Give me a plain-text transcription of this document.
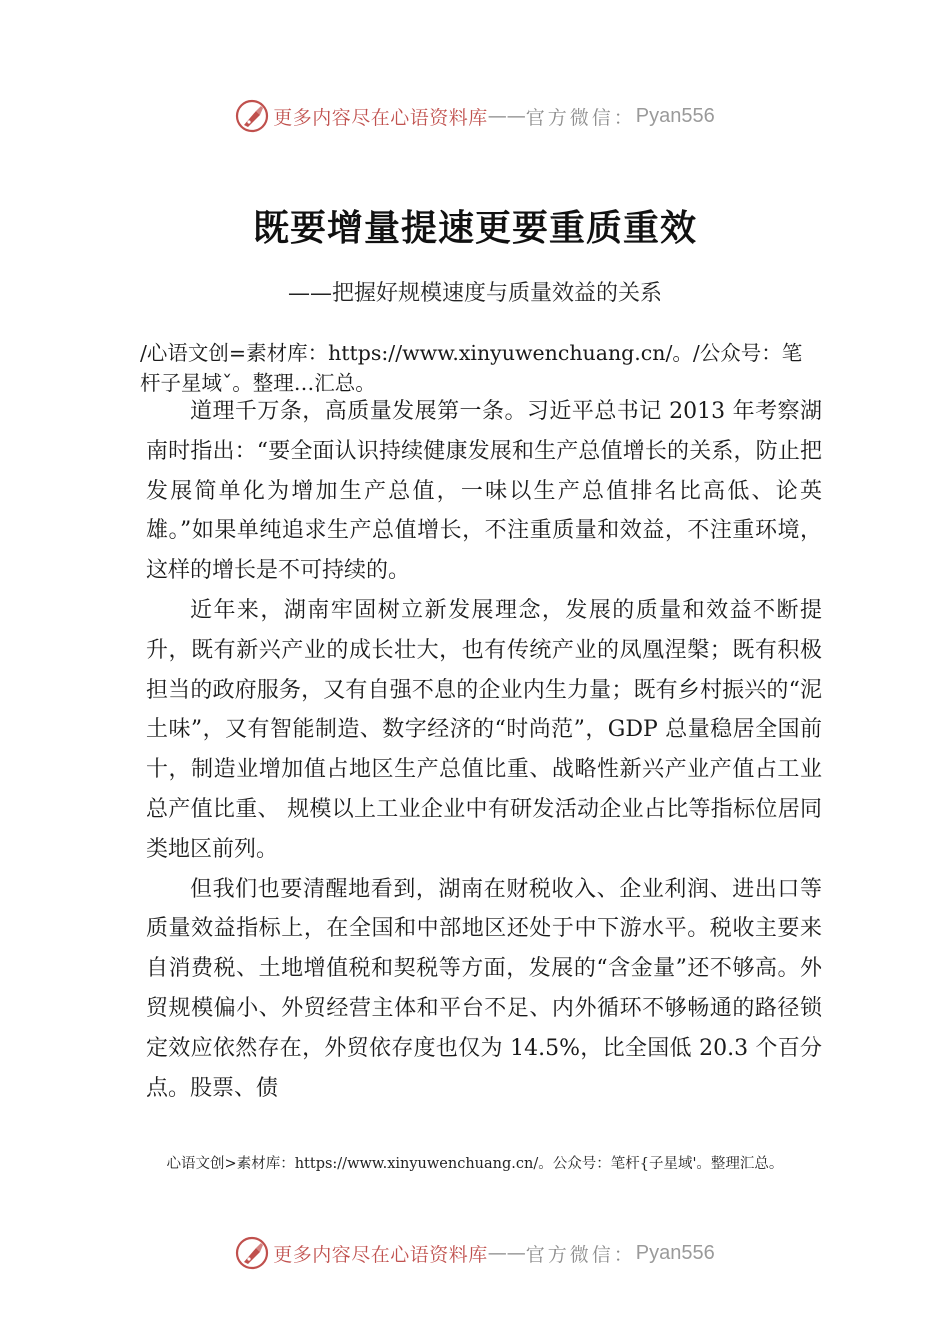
更多内容尽在心语资料库 —— 官方微信： Pyan556
既要增量提速更要重质重效
——把握好规模速度与质量效益的关系
/心语文创=素材库：https://www.xinyuwenchuang.cn/。/公众号：笔杆子星域ˇ。整理…汇总。

道理千万条，高质量发展第一条。习近平总书记 2013 年考察湖南时指出：“要全面认识持续健康发展和生产总值增长的关系，防止把发展简单化为增加生产总值，一味以生产总值排名比高低、论英雄。”如果单纯追求生产总值增长，不注重质量和效益，不注重环境，这样的增长是不可持续的。

近年来，湖南牢固树立新发展理念，发展的质量和效益不断提升，既有新兴产业的成长壮大，也有传统产业的凤凰涅槃；既有积极担当的政府服务，又有自强不息的企业内生力量；既有乡村振兴的“泥土味”，又有智能制造、数字经济的“时尚范”，GDP 总量稳居全国前十，制造业增加值占地区生产总值比重、战略性新兴产业产值占工业总产值比重、 规模以上工业企业中有研发活动企业占比等指标位居同类地区前列。

但我们也要清醒地看到，湖南在财税收入、企业利润、进出口等质量效益指标上，在全国和中部地区还处于中下游水平。税收主要来自消费税、土地增值税和契税等方面，发展的“含金量”还不够高。外贸规模偏小、外贸经营主体和平台不足、内外循环不够畅通的路径锁定效应依然存在，外贸依存度也仅为 14.5%，比全国低 20.3 个百分点。股票、债

心语文创>素材库：https://www.xinyuwenchuang.cn/。公众号：笔杆{子星域'。整理汇总。
更多内容尽在心语资料库 —— 官方微信： Pyan556
